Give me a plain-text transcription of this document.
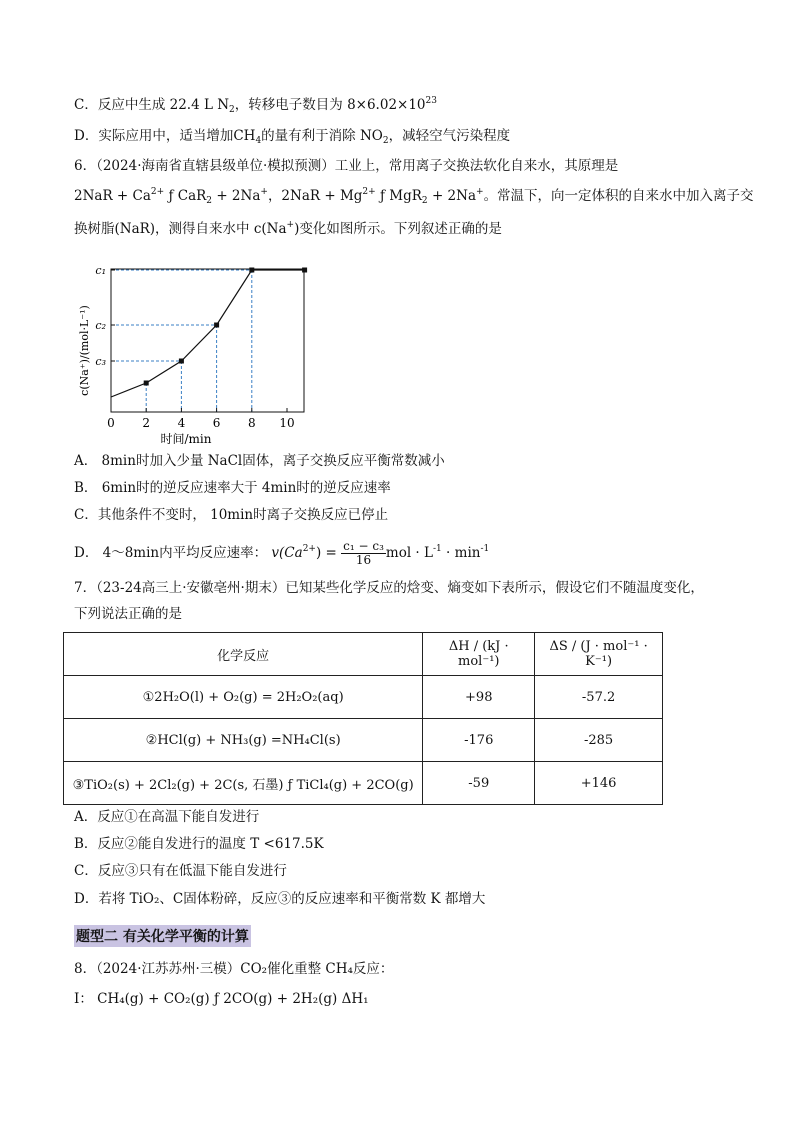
C．反应中生成 22.4 L $N_2$，转移电子数目为 $8\times 6.02\times 10^{23}$
D．实际应用中，适当增加$CH_4$的量有利于消除 $NO_2$，减轻空气污染程度
6．（2024·海南省直辖县级单位·模拟预测）工业上，常用离子交换法软化自来水，其原理是
$2NaR + Ca^{2+}$ ƒ CaR$_2$ + 2Na+，$2NaR + Mg^{2+}$ ƒ MgR$_2$ + 2Na+。常温下，向一定体积的自来水中加入离子交
换树脂(NaR)，测得自来水中 c(Na+)变化如图所示。下列叙述正确的是
0 2 4 6 8 10
c₁
c₂
c₃
时间/min
c(Na⁺)/(mol·L⁻¹)
A． 8min时加入少量 NaCl固体，离子交换反应平衡常数减小
B． 6min时的逆反应速率大于 4min时的逆反应速率
C．其他条件不变时， 10min时离子交换反应已停止
D． 4～8min内平均反应速率： $v(Ca^{2+}) = \frac{\text{c₁ − c₃}}{16}$ mol · $L^{-1} \cdot \min^{-1}$
7．（23-24高三上·安徽亳州·期末）已知某些化学反应的焓变、熵变如下表所示，假设它们不随温度变化，
下列说法正确的是
化学反应	ΔH / (kJ · mol⁻¹)	ΔS / (J · mol⁻¹ · K⁻¹)
①2H₂O(l) + O₂(g) = 2H₂O₂(aq)	+98	-57.2
②HCl(g) + NH₃(g) =NH₄Cl(s)	-176	-285
③TiO₂(s) + 2Cl₂(g) + 2C(s, 石墨) ƒ TiCl₄(g) + 2CO(g)	-59	+146
A．反应①在高温下能自发进行
B．反应②能自发进行的温度 T <617.5K
C．反应③只有在低温下能自发进行
D．若将 TiO₂、C固体粉碎，反应③的反应速率和平衡常数 K 都增大
题型二 有关化学平衡的计算
8．（2024·江苏苏州·三模）CO₂催化重整 CH₄反应：
Ⅰ： CH₄(g) + CO₂(g) ƒ 2CO(g) + 2H₂(g) ΔH₁
